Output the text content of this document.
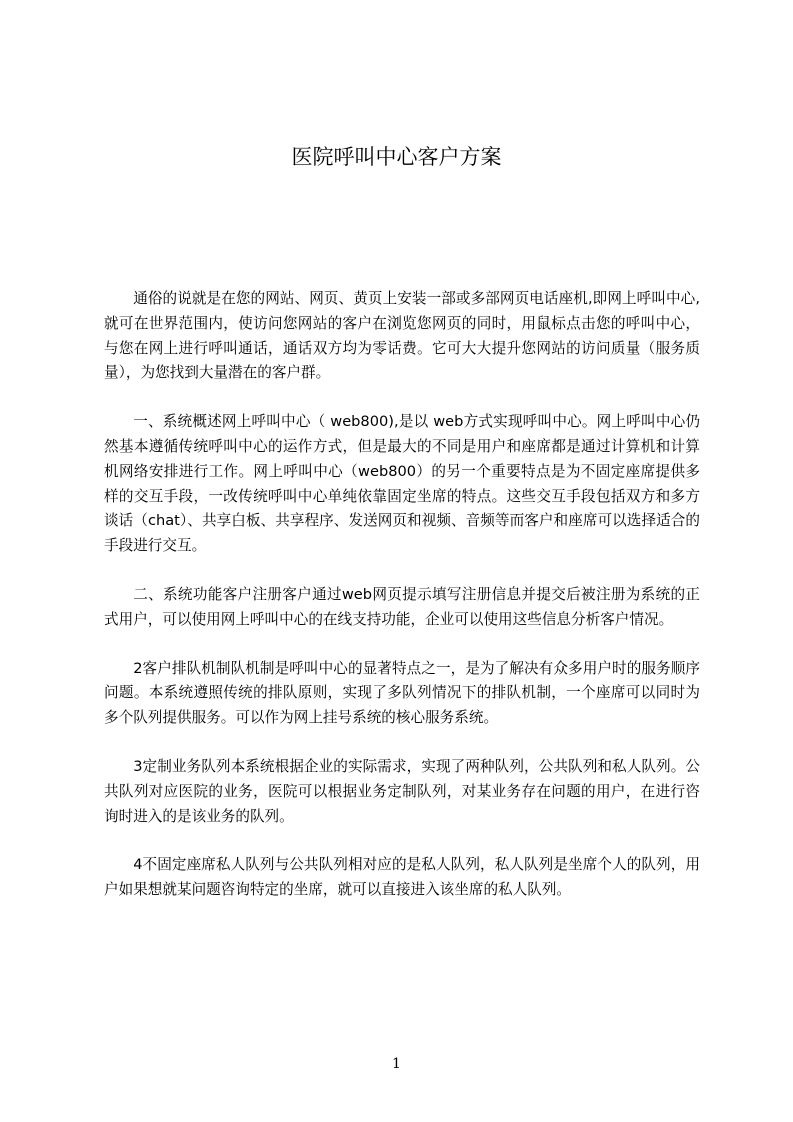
医院呼叫中心客户方案

通俗的说就是在您的网站、网页、黄页上安装一部或多部网页电话座机,即网上呼叫中心,就可在世界范围内，使访问您网站的客户在浏览您网页的同时，用鼠标点击您的呼叫中心，与您在网上进行呼叫通话，通话双方均为零话费。它可大大提升您网站的访问质量（服务质量），为您找到大量潜在的客户群。

一、系统概述网上呼叫中心（ web800),是以 web方式实现呼叫中心。网上呼叫中心仍然基本遵循传统呼叫中心的运作方式，但是最大的不同是用户和座席都是通过计算机和计算机网络安排进行工作。网上呼叫中心（web800）的另一个重要特点是为不固定座席提供多样的交互手段，一改传统呼叫中心单纯依靠固定坐席的特点。这些交互手段包括双方和多方谈话（chat）、共享白板、共享程序、发送网页和视频、音频等而客户和座席可以选择适合的手段进行交互。

二、系统功能客户注册客户通过web网页提示填写注册信息并提交后被注册为系统的正式用户，可以使用网上呼叫中心的在线支持功能，企业可以使用这些信息分析客户情况。

2客户排队机制队机制是呼叫中心的显著特点之一，是为了解决有众多用户时的服务顺序问题。本系统遵照传统的排队原则，实现了多队列情况下的排队机制，一个座席可以同时为多个队列提供服务。可以作为网上挂号系统的核心服务系统。

3定制业务队列本系统根据企业的实际需求，实现了两种队列，公共队列和私人队列。公共队列对应医院的业务，医院可以根据业务定制队列，对某业务存在问题的用户，在进行咨询时进入的是该业务的队列。

4不固定座席私人队列与公共队列相对应的是私人队列，私人队列是坐席个人的队列，用户如果想就某问题咨询特定的坐席，就可以直接进入该坐席的私人队列。

1
